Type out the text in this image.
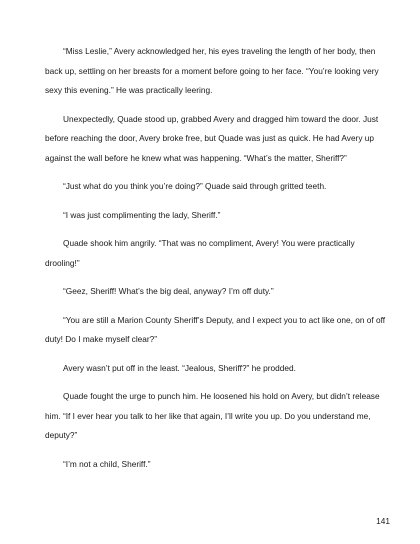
“Miss Leslie,” Avery acknowledged her, his eyes traveling the length of her body, then back up, settling on her breasts for a moment before going to her face. “You’re looking very sexy this evening.” He was practically leering.

Unexpectedly, Quade stood up, grabbed Avery and dragged him toward the door. Just before reaching the door, Avery broke free, but Quade was just as quick. He had Avery up against the wall before he knew what was happening. “What’s the matter, Sheriff?”

“Just what do you think you’re doing?” Quade said through gritted teeth.

“I was just complimenting the lady, Sheriff.”

Quade shook him angrily. “That was no compliment, Avery! You were practically drooling!”

“Geez, Sheriff! What’s the big deal, anyway? I’m off duty.”

“You are still a Marion County Sheriff’s Deputy, and I expect you to act like one, on of off duty! Do I make myself clear?”

Avery wasn’t put off in the least. “Jealous, Sheriff?” he prodded.

Quade fought the urge to punch him. He loosened his hold on Avery, but didn’t release him. “If I ever hear you talk to her like that again, I’ll write you up. Do you understand me, deputy?”

“I’m not a child, Sheriff.”

141
